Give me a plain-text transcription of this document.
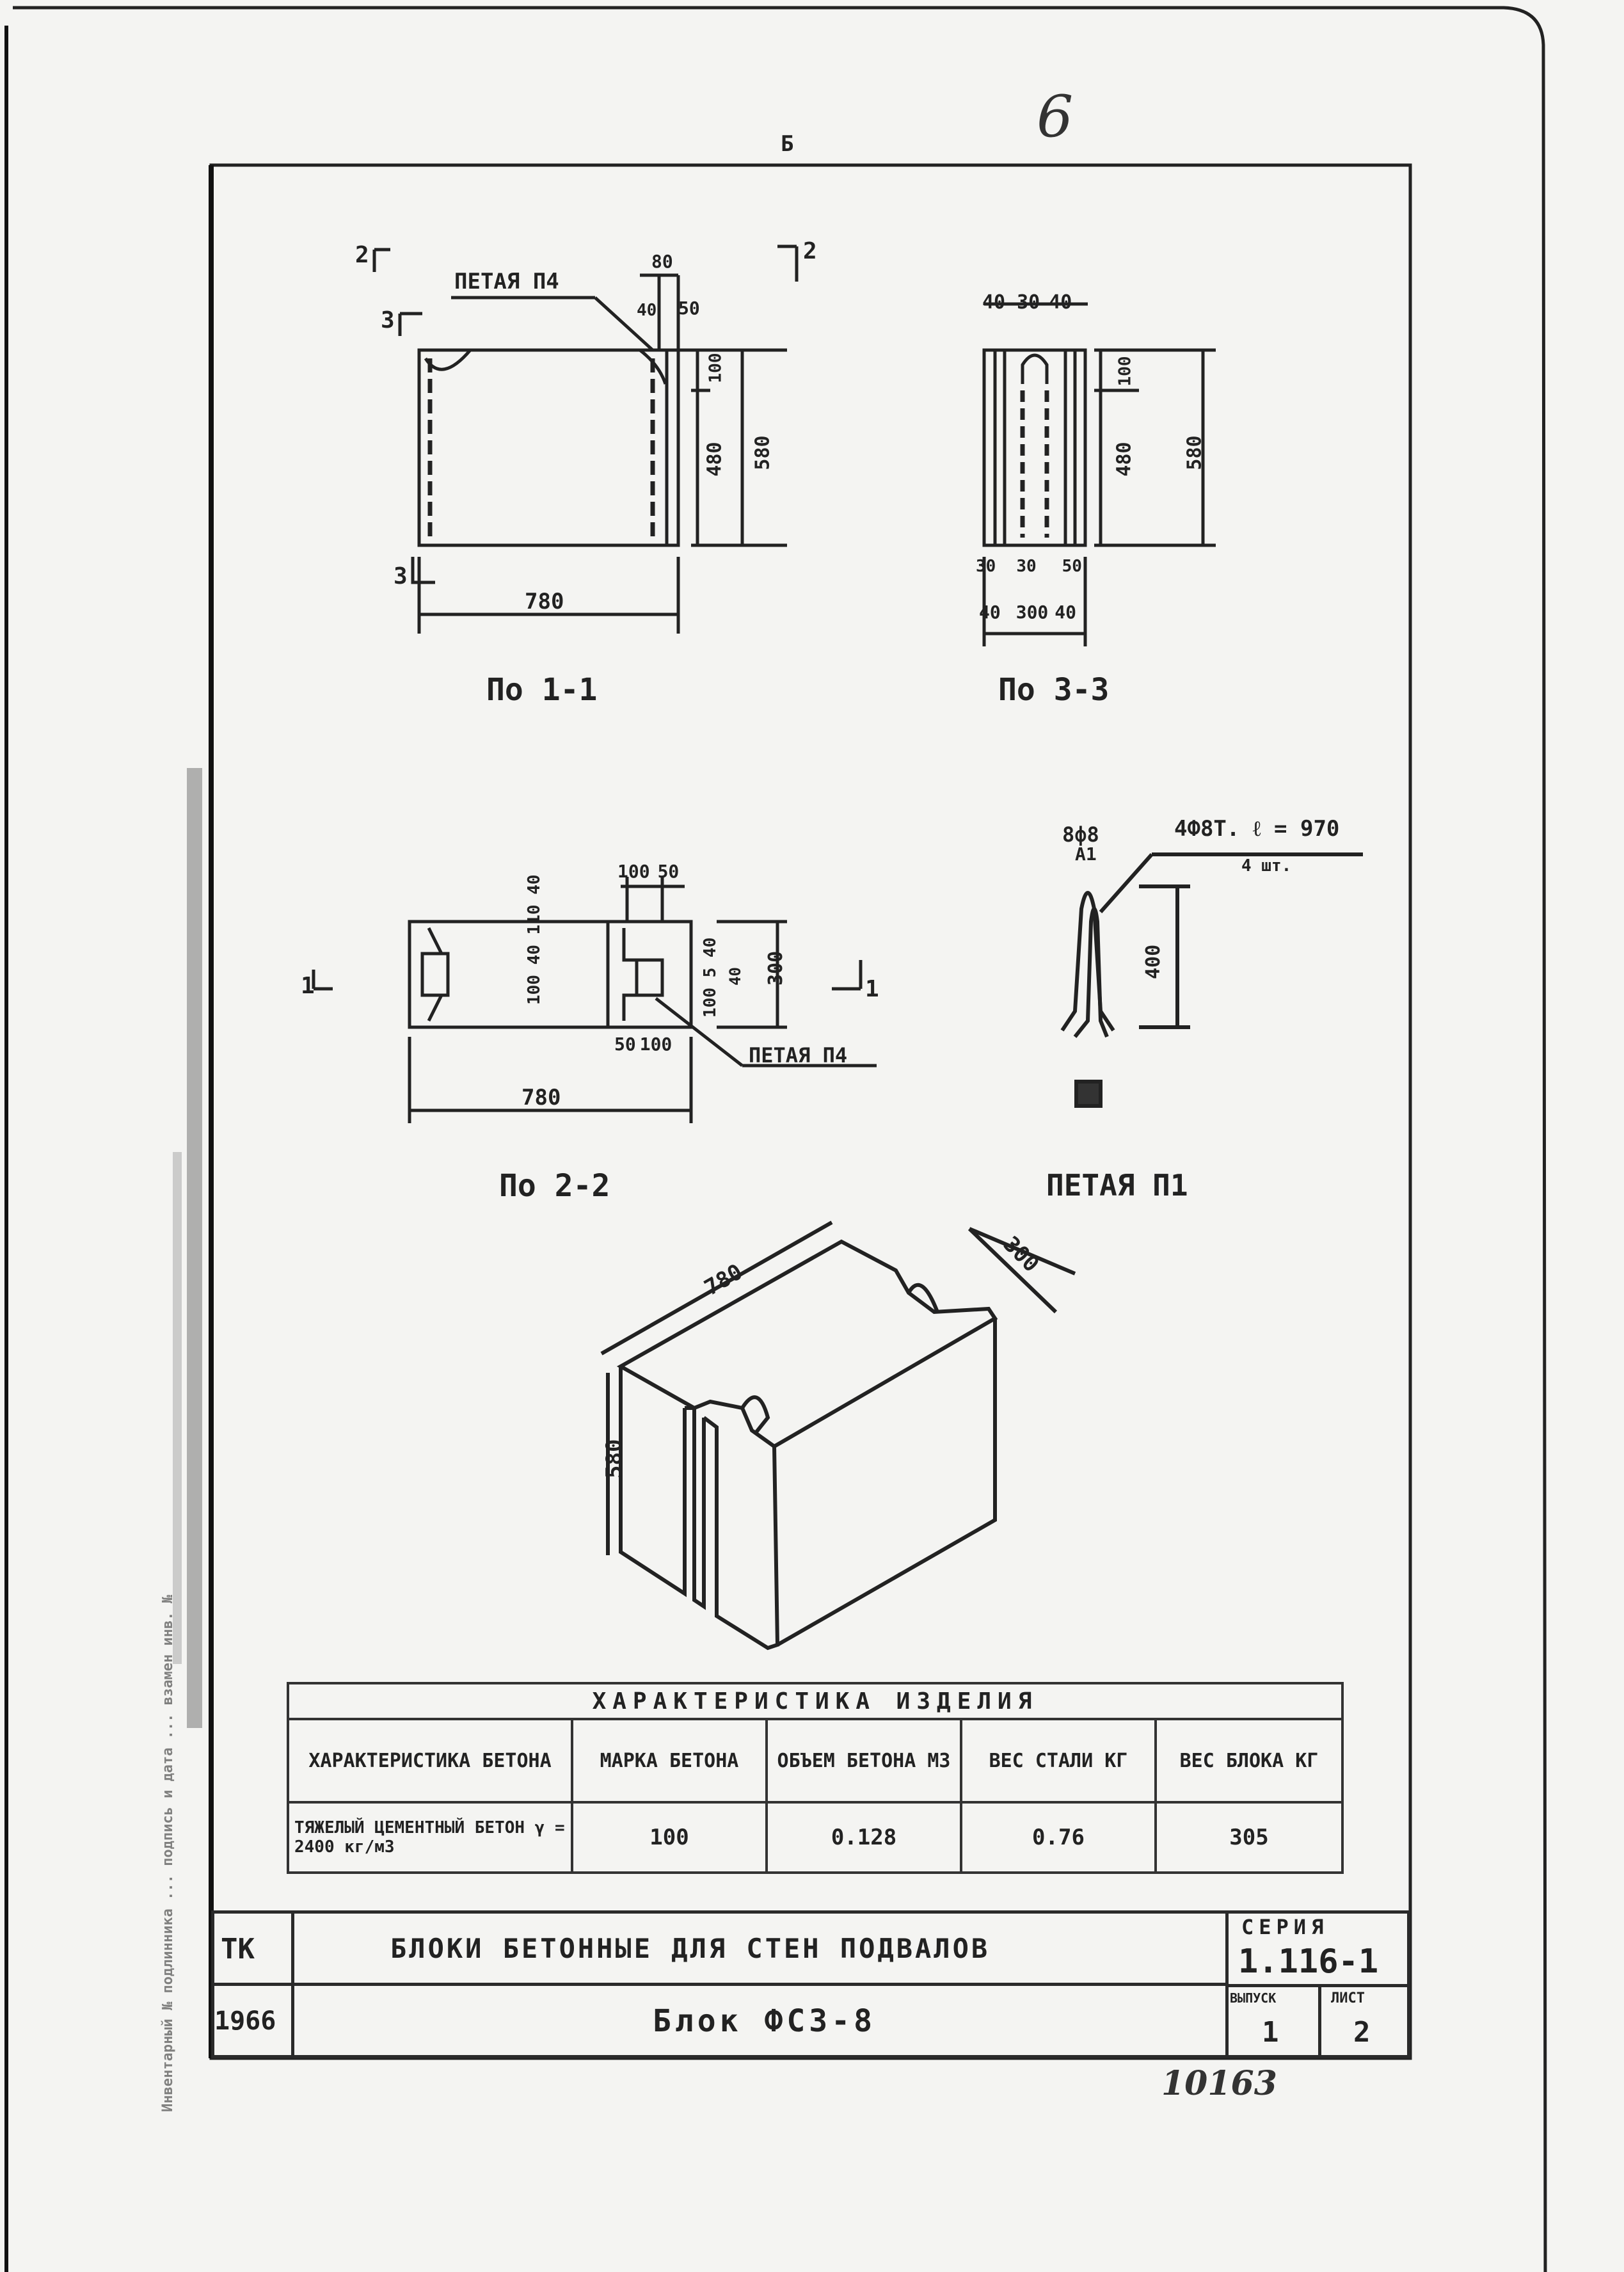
6
Б
ПЕТАЯ П4
2	2
3
3
80
40 50
100
480 580
780
По 1-1
40 30 40
100
480	580
30 30 50
40 300 40
По 3-3
100 50
100 40 110 40
100 5 40
300
40
50 100
780
ПЕТАЯ П4
1	1
По 2-2
8ф8
А1
4Ф8Т. ℓ = 970
4 шт.
400
ПЕТАЯ П1
780
300
580
ХАРАКТЕРИСТИКА ИЗДЕЛИЯ				
ХАРАКТЕРИСТИКА БЕТОНА	МАРКА БЕТОНА	ОБЪЕМ БЕТОНА М3	ВЕС СТАЛИ КГ	ВЕС БЛОКА КГ
ТЯЖЕЛЫЙ ЦЕМЕНТНЫЙ БЕТОН γ = 2400 кг/м3	100	0.128	0.76	305
ТК
1966
БЛОКИ БЕТОННЫЕ ДЛЯ СТЕН ПОДВАЛОВ
Блок ФС3-8
СЕРИЯ
1.116-1
ВЫПУСК
1
ЛИСТ
2
10163
Инвентарный № подлинника ... подпись и дата ... взамен инв. №
